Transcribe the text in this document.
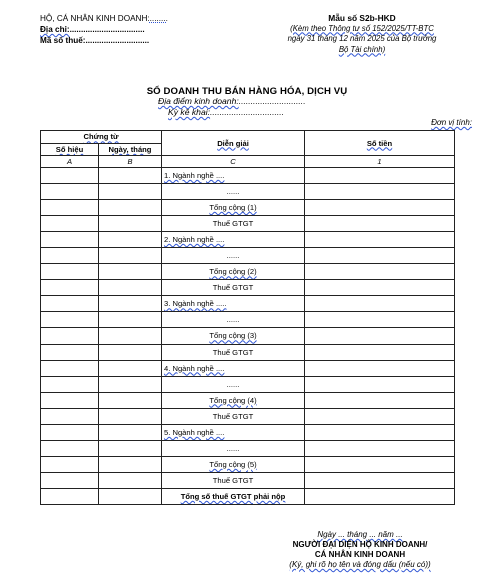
HỘ, CÁ NHÂN KINH DOANH:........
Địa chỉ:.................................
Mã số thuế:............................
Mẫu số S2b-HKD
(Kèm theo Thông tư số 152/2025/TT-BTC
ngày 31 tháng 12 năm 2025 của Bộ trưởng
Bộ Tài chính)
SỔ DOANH THU BÁN HÀNG HÓA, DỊCH VỤ
Địa điểm kinh doanh:............................
Kỳ kê khai:...............................
Đơn vị tính:
Chứng từ		Diễn giải	Số tiền
Số hiệu	Ngày, tháng		
A	B	C	1
		1. Ngành nghề ....	
		......	
		Tổng cộng (1)	
		Thuế GTGT	
		2. Ngành nghề ....	
		......	
		Tổng cộng (2)	
		Thuế GTGT	
		3. Ngành nghề .....	
		......	
		Tổng cộng (3)	
		Thuế GTGT	
		4. Ngành nghề ....	
		......	
		Tổng cộng (4)	
		Thuế GTGT	
		5. Ngành nghề ....	
		......	
		Tổng cộng (5)	
		Thuế GTGT	
		Tổng số thuế GTGT phải nộp	
Ngày ... tháng ... năm ...
NGƯỜI ĐẠI DIỆN HỘ KINH DOANH/
CÁ NHÂN KINH DOANH
(Ký, ghi rõ họ tên và đóng dấu (nếu có))
